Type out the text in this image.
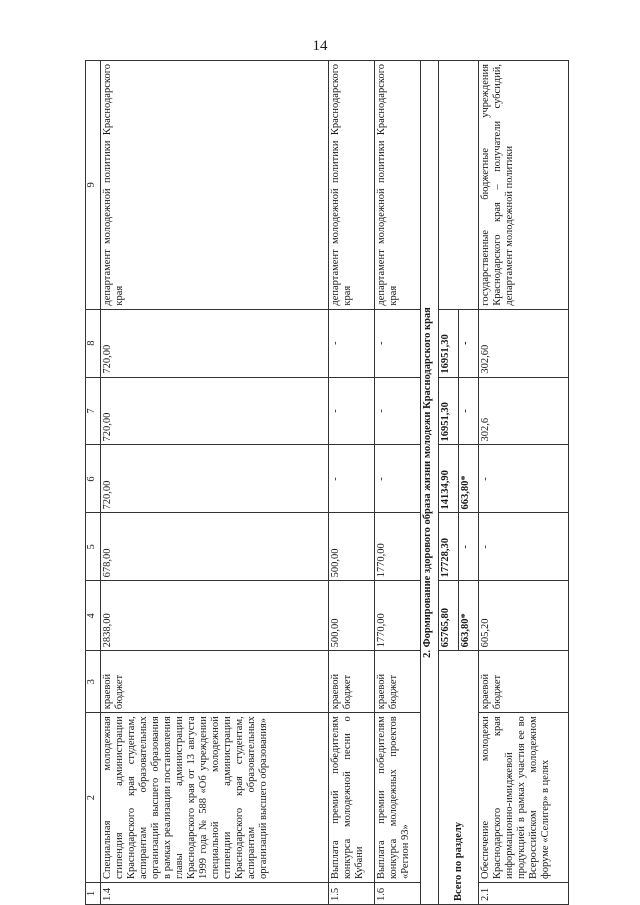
14
1	2	3	4	5	6	7	8	9
1.4	Специальная молодежная стипендия администрации Краснодарского края студентам, аспирантам образовательных организаций высшего образования в рамках реализации постановления главы администрации Краснодарского края от 13 августа 1999 года № 588 «Об учреждении специальной молодежной стипендии администрации Краснодарского края студентам, аспирантам образовательных организаций высшего образования»	краевой бюджет	2838,00	678,00	720,00	720,00	720,00	департамент молодежной политики Краснодарского края
1.5	Выплата премий победителям конкурса молодежной песни о Кубани	краевой бюджет	500,00	500,00	-	-	-	департамент молодежной политики Краснодарского края
1.6	Выплата премии победителям конкурса молодежных проектов «Регион 93»	краевой бюджет	1770,00	1770,00	-	-	-	департамент молодежной политики Краснодарского края
2. Формирование здорового образа жизни молодежи Краснодарского края								
Всего по разделу			65765,80	17728,30	14134,90	16951,30	16951,30	
			663,80*	-	663,80*	-	-	
2.1	Обеспечение молодежи Краснодарского края информационно-имиджевой продукцией в рамках участия ее во Всероссийском молодежном форуме «Селигер» в целях	краевой бюджет	605,20	-	-	302,6	302,60	государственные бюджетные учреждения Краснодарского края – получатели субсидий, департамент молодежной политики
